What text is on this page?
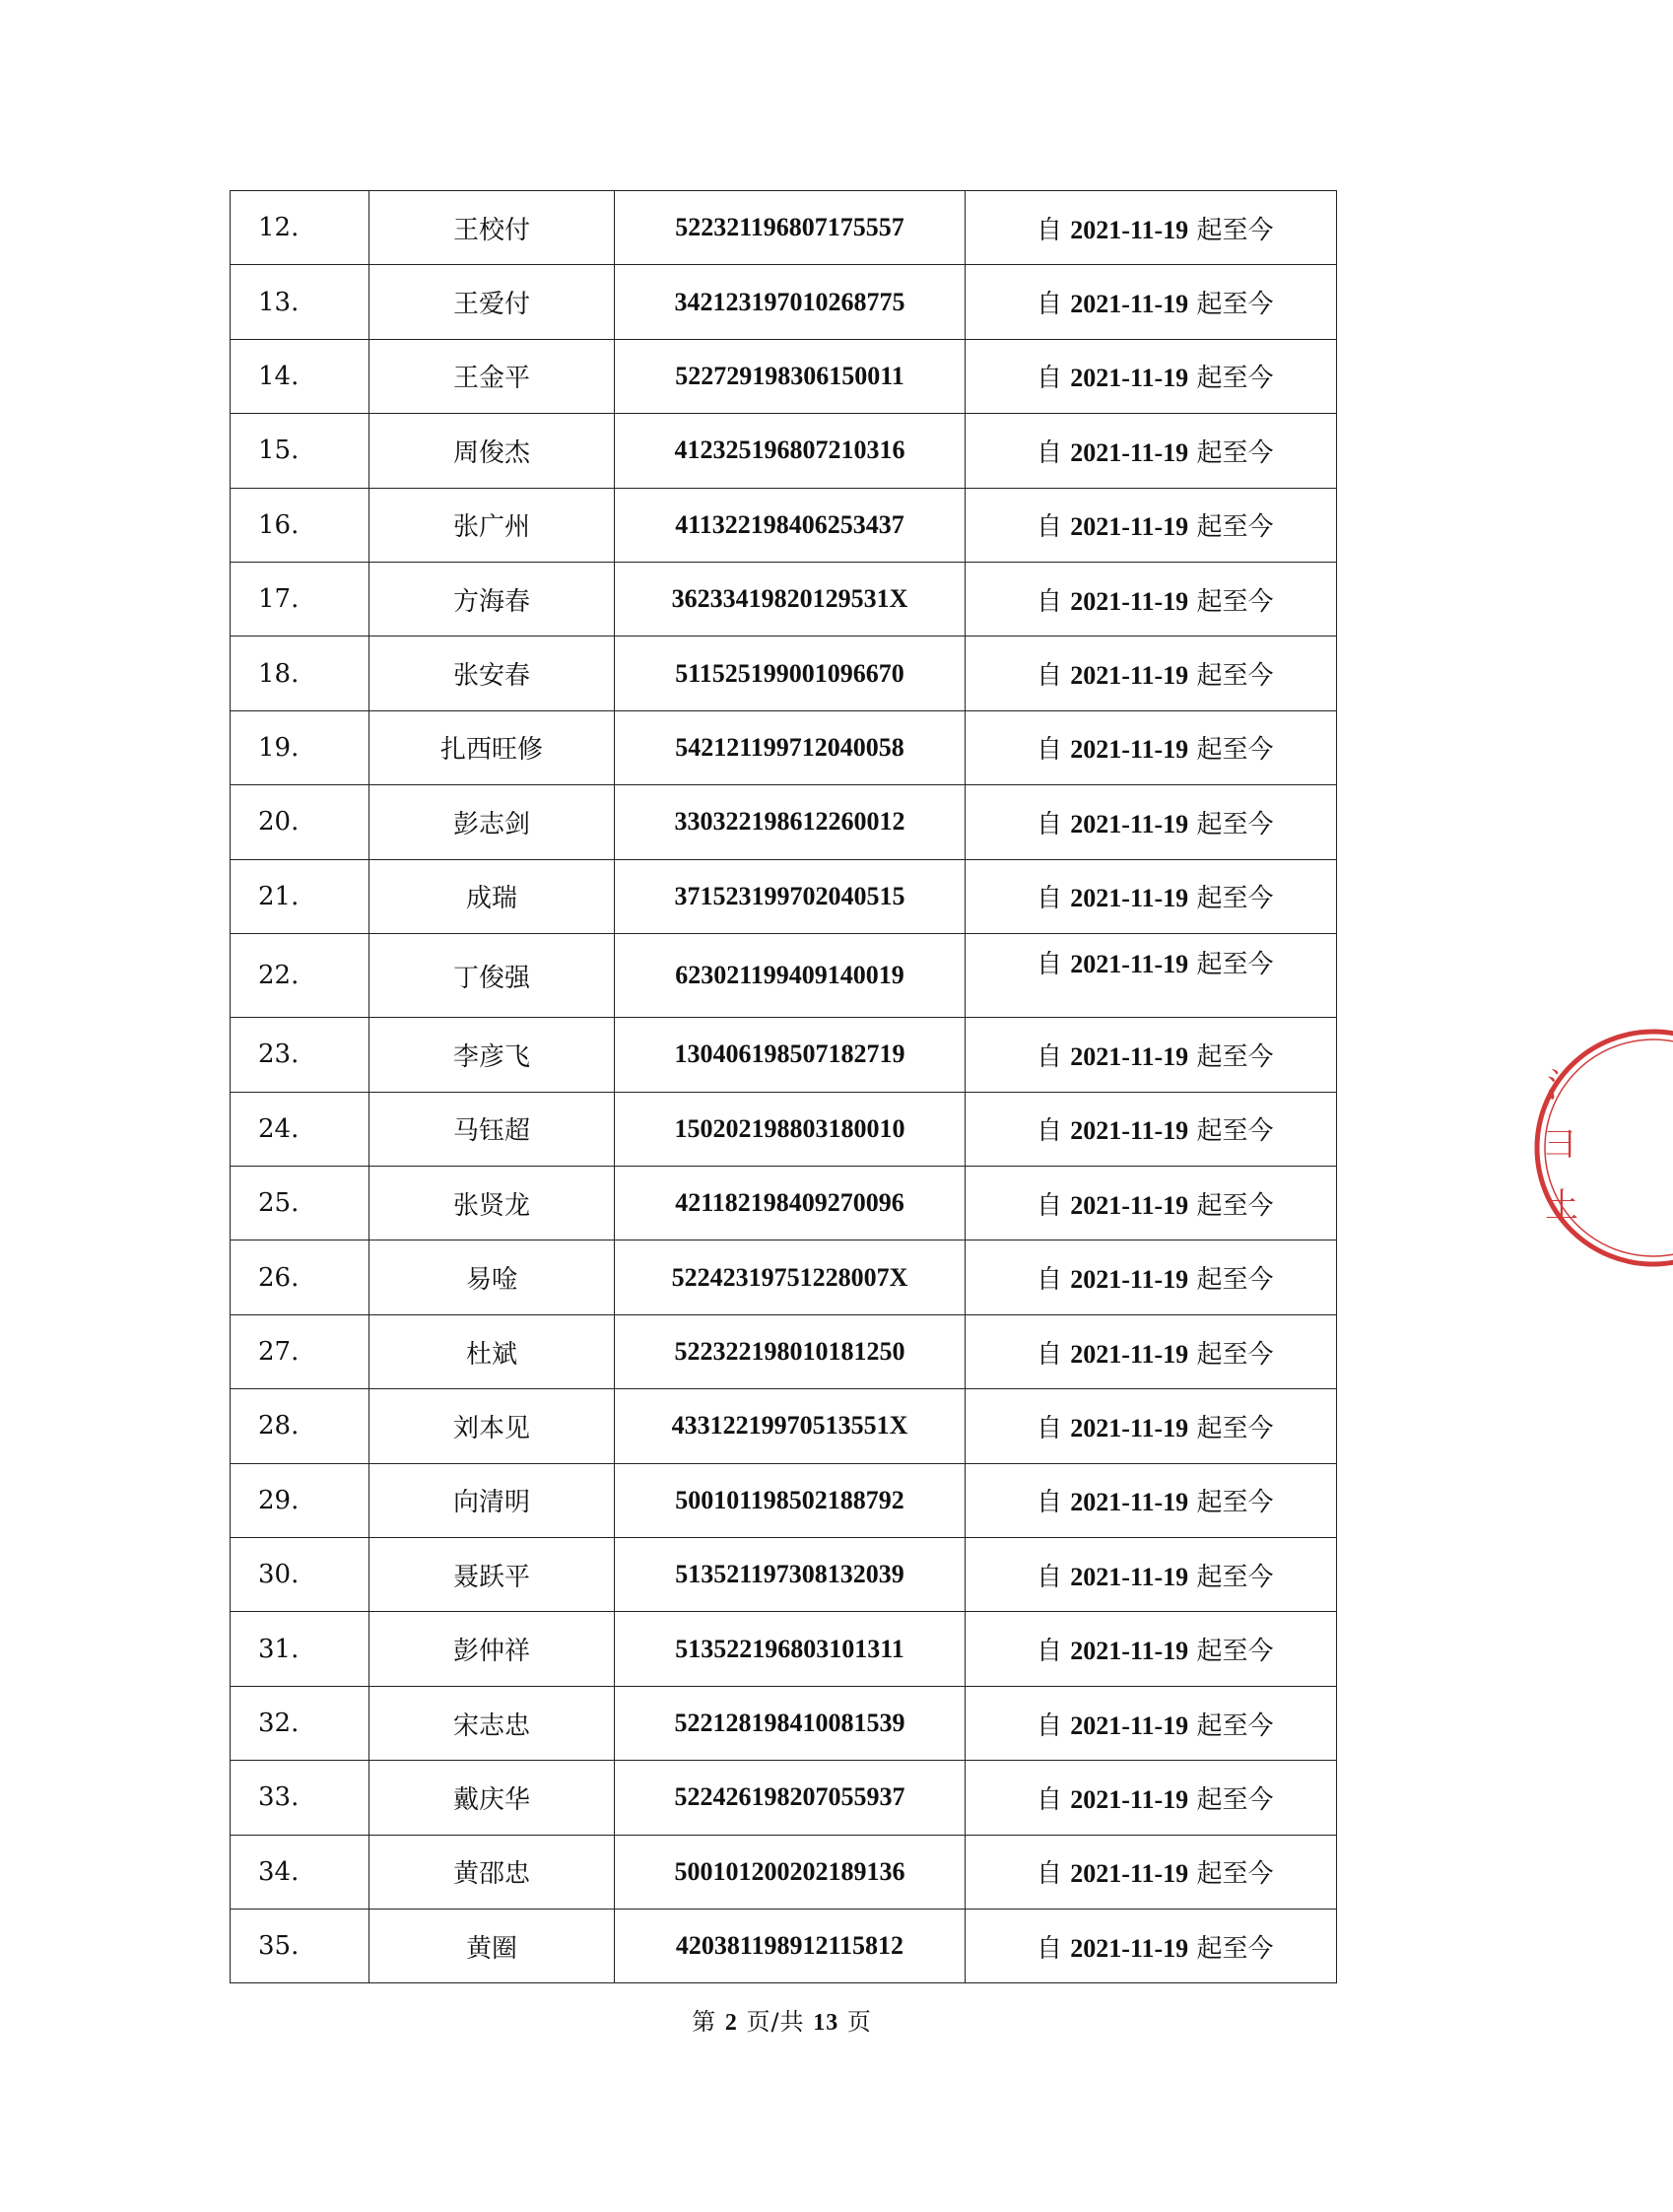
12.	王校付	522321196807175557	自 2021-11-19 起至今
13.	王爱付	342123197010268775	自 2021-11-19 起至今
14.	王金平	522729198306150011	自 2021-11-19 起至今
15.	周俊杰	412325196807210316	自 2021-11-19 起至今
16.	张广州	411322198406253437	自 2021-11-19 起至今
17.	方海春	36233419820129531X	自 2021-11-19 起至今
18.	张安春	511525199001096670	自 2021-11-19 起至今
19.	扎西旺修	542121199712040058	自 2021-11-19 起至今
20.	彭志剑	330322198612260012	自 2021-11-19 起至今
21.	成瑞	371523199702040515	自 2021-11-19 起至今
22.	丁俊强	623021199409140019	自 2021-11-19 起至今
23.	李彦飞	130406198507182719	自 2021-11-19 起至今
24.	马钰超	150202198803180010	自 2021-11-19 起至今
25.	张贤龙	421182198409270096	自 2021-11-19 起至今
26.	易唫	52242319751228007X	自 2021-11-19 起至今
27.	杜斌	522322198010181250	自 2021-11-19 起至今
28.	刘本见	43312219970513551X	自 2021-11-19 起至今
29.	向清明	500101198502188792	自 2021-11-19 起至今
30.	聂跃平	513521197308132039	自 2021-11-19 起至今
31.	彭仲祥	513522196803101311	自 2021-11-19 起至今
32.	宋志忠	522128198410081539	自 2021-11-19 起至今
33.	戴庆华	522426198207055937	自 2021-11-19 起至今
34.	黄邵忠	500101200202189136	自 2021-11-19 起至今
35.	黄圈	420381198912115812	自 2021-11-19 起至今
第 2 页/共 13 页
⺡
⺕
⼟
